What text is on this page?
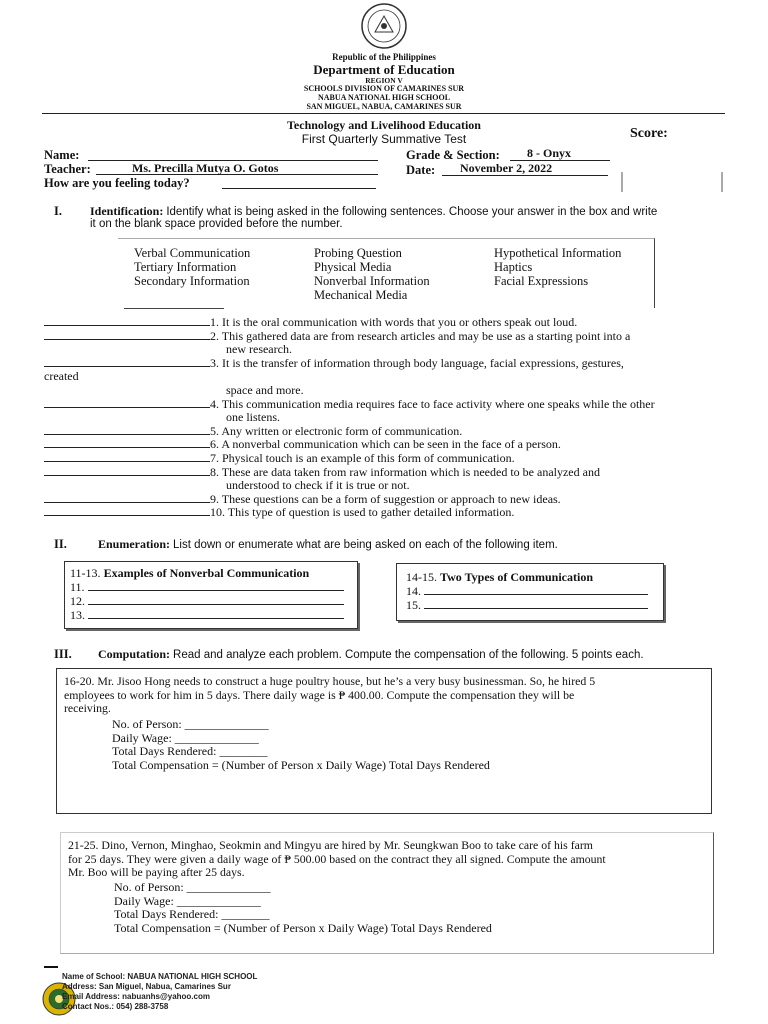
Republic of the Philippines
Department of Education
REGION V
SCHOOLS DIVISION OF CAMARINES SUR
NABUA NATIONAL HIGH SCHOOL
SAN MIGUEL, NABUA, CAMARINES SUR
Technology and Livelihood Education
First Quarterly Summative Test	Score:
Name:
Teacher:	Ms. Precilla Mutya O. Gotos
How are you feeling today?
Grade & Section: 8 - Onyx
Date: November 2, 2022
I. Identification: Identify what is being asked in the following sentences. Choose your answer in the box and write
it on the blank space provided before the number.
Verbal Communication
Tertiary Information
Secondary Information
Probing Question
Physical Media
Nonverbal Information
Mechanical Media
Hypothetical Information
Haptics
Facial Expressions
1. It is the oral communication with words that you or others speak out loud.
2. This gathered data are from research articles and may be use as a starting point into a
new research.
3. It is the transfer of information through body language, facial expressions, gestures,
created
space and more.
4. This communication media requires face to face activity where one speaks while the other
one listens.
5. Any written or electronic form of communication.
6. A nonverbal communication which can be seen in the face of a person.
7. Physical touch is an example of this form of communication.
8. These are data taken from raw information which is needed to be analyzed and
understood to check if it is true or not.
9. These questions can be a form of suggestion or approach to new ideas.
10. This type of question is used to gather detailed information.
II.	Enumeration: List down or enumerate what are being asked on each of the following item.
11-13. Examples of Nonverbal Communication
11.
12.
13.
14-15. Two Types of Communication
14.
15.
III. Computation: Read and analyze each problem. Compute the compensation of the following. 5 points each.
16-20. Mr. Jisoo Hong needs to construct a huge poultry house, but he’s a very busy businessman. So, he hired 5
employees to work for him in 5 days. There daily wage is ₱ 400.00. Compute the compensation they will be
receiving.
No. of Person: ______________
Daily Wage: ______________
Total Days Rendered: ________
Total Compensation = (Number of Person x Daily Wage) Total Days Rendered
21-25. Dino, Vernon, Minghao, Seokmin and Mingyu are hired by Mr. Seungkwan Boo to take care of his farm
for 25 days. They were given a daily wage of ₱ 500.00 based on the contract they all signed. Compute the amount
Mr. Boo will be paying after 25 days.
No. of Person: ______________
Daily Wage: ______________
Total Days Rendered: ________
Total Compensation = (Number of Person x Daily Wage) Total Days Rendered
Name of School: NABUA NATIONAL HIGH SCHOOL
Address: San Miguel, Nabua, Camarines Sur
Email Address: nabuanhs@yahoo.com
Contact Nos.: 054) 288-3758
